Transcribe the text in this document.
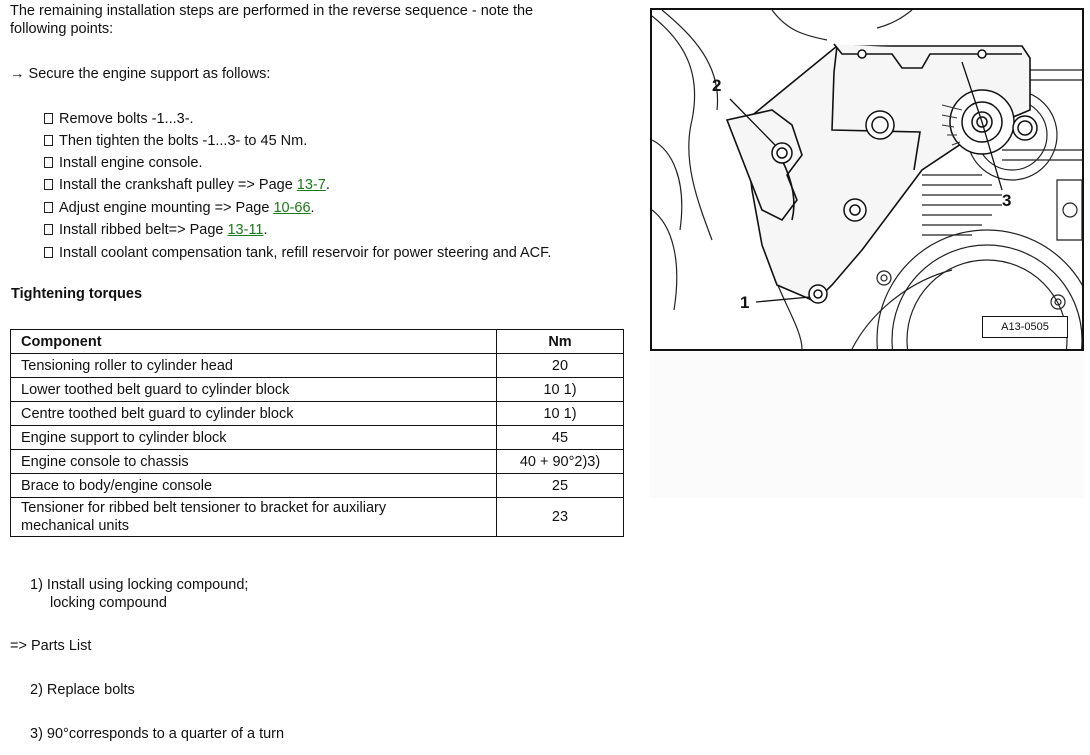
The remaining installation steps are performed in the reverse sequence - note the
following points:
→ Secure the engine support as follows:
Remove bolts -1...3-.
Then tighten the bolts -1...3- to 45 Nm.
Install engine console.
Install the crankshaft pulley => Page 13-7.
Adjust engine mounting => Page 10-66.
Install ribbed belt=> Page 13-11.
Install coolant compensation tank, refill reservoir for power steering and ACF.
Tightening torques
Component	Nm
Tensioning roller to cylinder head	20
Lower toothed belt guard to cylinder block	10 1)
Centre toothed belt guard to cylinder block	10 1)
Engine support to cylinder block	45
Engine console to chassis	40 + 90°2)3)
Brace to body/engine console	25

Tensioner for ribbed belt tensioner to bracket for auxiliary
mechanical units	23
1) Install using locking compound;
locking compound
=> Parts List
2) Replace bolts
3) 90°corresponds to a quarter of a turn
2
3
1
A13-0505
